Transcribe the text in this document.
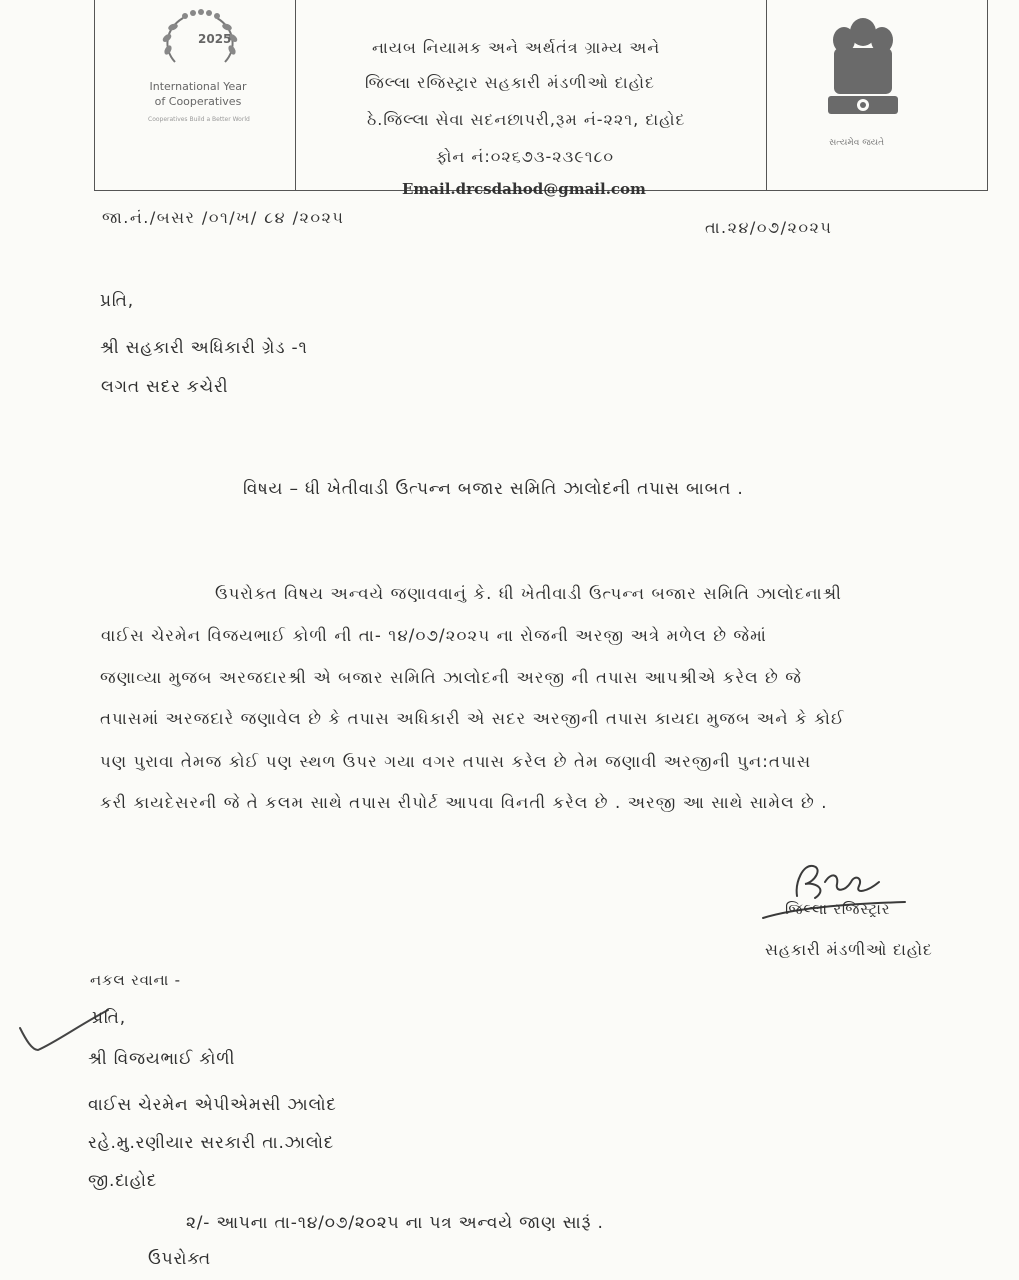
2025
International Year
of Cooperatives
Cooperatives Build a Better World
નાયબ નિયામક અને અર્થતંત્ર ગ્રામ્ય અને
જિલ્લા રજિસ્ટ્રાર સહકારી મંડળીઓ દાહોદ
ઠે.જિલ્લા સેવા સદનછાપરી,રૂમ નં-૨૨૧, દાહોદ
ફોન નં:૦૨૬૭૩-૨૩૯૧૮૦
Email.drcsdahod@gmail.com
સત્યમેવ જયતે
જા.નં./બસર /૦૧/ખ/ ૮૪ /૨૦૨૫
તા.૨૪/૦૭/૨૦૨૫
પ્રતિ,
શ્રી સહકારી અધિકારી ગ્રેડ -૧
લગત સદર કચેરી
વિષય – ધી ખેતીવાડી ઉત્પન્ન બજાર સમિતિ ઝાલોદની તપાસ બાબત .
ઉપરોક્ત વિષય અન્વયે જણાવવાનું કે. ધી ખેતીવાડી ઉત્પન્ન બજાર સમિતિ ઝાલોદનાશ્રી
વાઈસ ચેરમેન વિજયભાઈ કોળી ની તા- ૧૪/૦૭/૨૦૨૫ ના રોજની અરજી અત્રે મળેલ છે જેમાં
જણાવ્યા મુજબ અરજદારશ્રી એ બજાર સમિતિ ઝાલોદની અરજી ની તપાસ આપશ્રીએ કરેલ છે જે
તપાસમાં અરજદારે જણાવેલ છે કે તપાસ અધિકારી એ સદર અરજીની તપાસ કાયદા મુજબ અને કે કોઈ
પણ પુરાવા તેમજ કોઈ પણ સ્થળ ઉપર ગયા વગર તપાસ કરેલ છે તેમ જણાવી અરજીની પુન:તપાસ
કરી કાયદેસરની જે તે કલમ સાથે તપાસ રીપોર્ટ આપવા વિનતી કરેલ છે . અરજી આ સાથે સામેલ છે .
જિલ્લા રજિસ્ટ્રાર
સહકારી મંડળીઓ દાહોદ
નકલ રવાના -
પ્રતિ,
શ્રી વિજયભાઈ કોળી
વાઈસ ચેરમેન એપીએમસી ઝાલોદ
રહે.મુ.રણીયાર સરકારી તા.ઝાલોદ
જી.દાહોદ
૨/- આપના તા-૧૪/૦૭/૨૦૨૫ ના પત્ર અન્વયે જાણ સારૂં .
ઉપરોક્ત
